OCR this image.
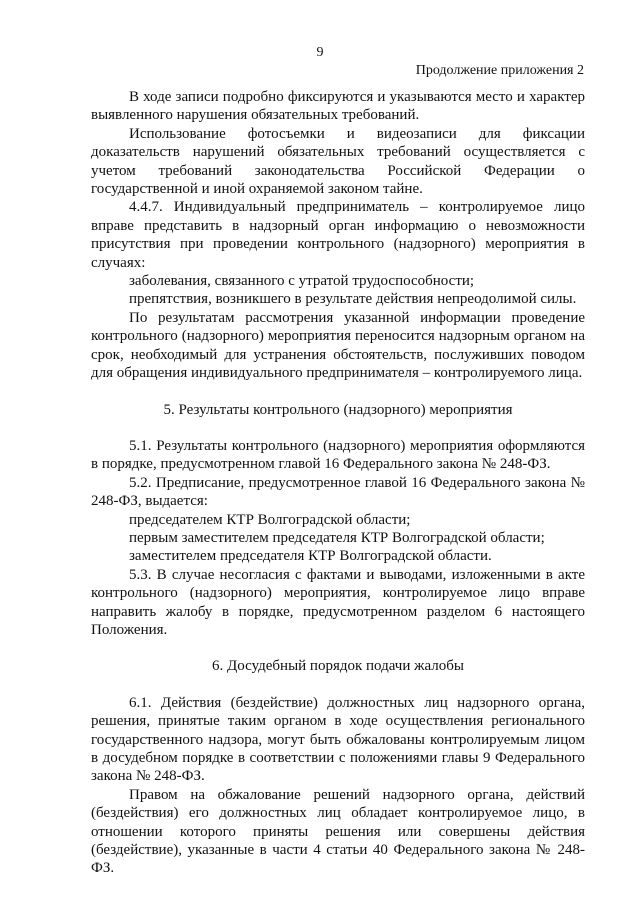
9
Продолжение приложения 2

В ходе записи подробно фиксируются и указываются место и характер выявленного нарушения обязательных требований.

Использование фотосъемки и видеозаписи для фиксации доказательств нарушений обязательных требований осуществляется с учетом требований законодательства Российской Федерации о государственной и иной охраняемой законом тайне.

4.4.7. Индивидуальный предприниматель – контролируемое лицо вправе представить в надзорный орган информацию о невозможности присутствия при проведении контрольного (надзорного) мероприятия в случаях:

заболевания, связанного с утратой трудоспособности;

препятствия, возникшего в результате действия непреодолимой силы.

По результатам рассмотрения указанной информации проведение контрольного (надзорного) мероприятия переносится надзорным органом на срок, необходимый для устранения обстоятельств, послуживших поводом для обращения индивидуального предпринимателя – контролируемого лица.

5. Результаты контрольного (надзорного) мероприятия

5.1. Результаты контрольного (надзорного) мероприятия оформляются в порядке, предусмотренном главой 16 Федерального закона № 248-ФЗ.

5.2. Предписание, предусмотренное главой 16 Федерального закона № 248-ФЗ, выдается:

председателем КТР Волгоградской области;

первым заместителем председателя КТР Волгоградской области;

заместителем председателя КТР Волгоградской области.

5.3. В случае несогласия с фактами и выводами, изложенными в акте контрольного (надзорного) мероприятия, контролируемое лицо вправе направить жалобу в порядке, предусмотренном разделом 6 настоящего Положения.

6. Досудебный порядок подачи жалобы

6.1. Действия (бездействие) должностных лиц надзорного органа, решения, принятые таким органом в ходе осуществления регионального государственного надзора, могут быть обжалованы контролируемым лицом в досудебном порядке в соответствии с положениями главы 9 Федерального закона № 248-ФЗ.

Правом на обжалование решений надзорного органа, действий (бездействия) его должностных лиц обладает контролируемое лицо, в отношении которого приняты решения или совершены действия (бездействие), указанные в части 4 статьи 40 Федерального закона № 248-ФЗ.
